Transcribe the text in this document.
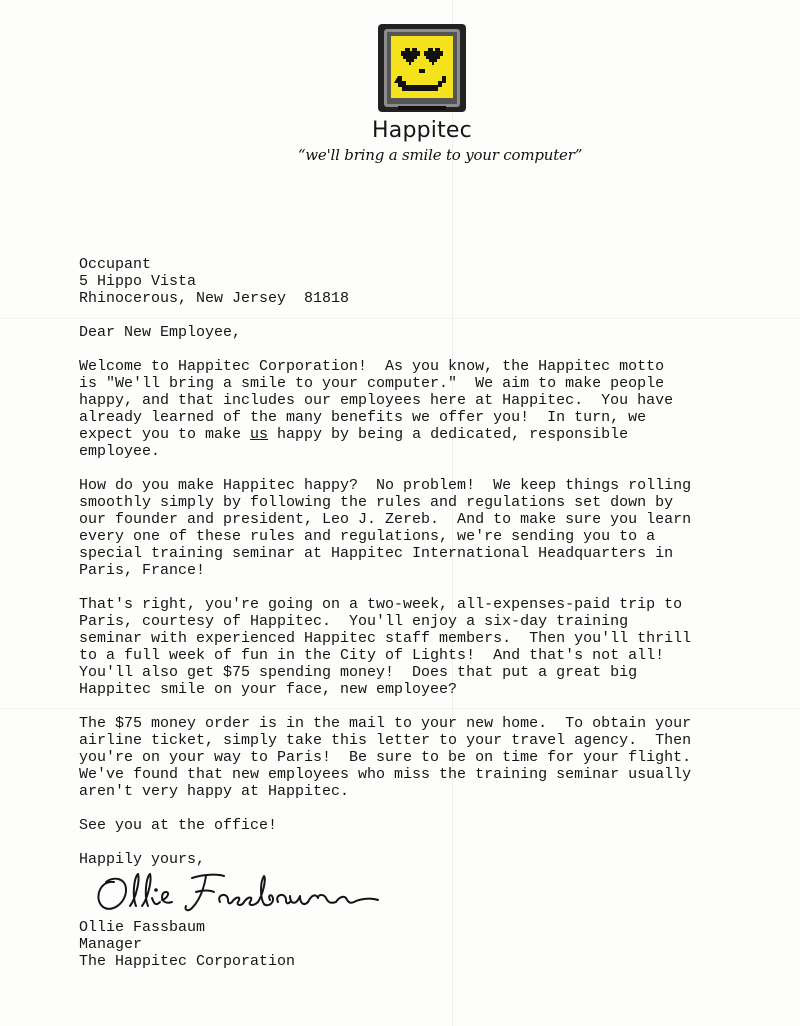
Happitec
“we'll bring a smile to your computer”

Occupant

5 Hippo Vista

Rhinocerous, New Jersey  81818

Dear New Employee,

Welcome to Happitec Corporation!  As you know, the Happitec motto

is "We'll bring a smile to your computer."  We aim to make people

happy, and that includes our employees here at Happitec.  You have

already learned of the many benefits we offer you!  In turn, we

expect you to make us happy by being a dedicated, responsible

employee.

How do you make Happitec happy?  No problem!  We keep things rolling

smoothly simply by following the rules and regulations set down by

our founder and president, Leo J. Zereb.  And to make sure you learn

every one of these rules and regulations, we're sending you to a

special training seminar at Happitec International Headquarters in

Paris, France!

That's right, you're going on a two-week, all-expenses-paid trip to

Paris, courtesy of Happitec.  You'll enjoy a six-day training

seminar with experienced Happitec staff members.  Then you'll thrill

to a full week of fun in the City of Lights!  And that's not all!

You'll also get $75 spending money!  Does that put a great big

Happitec smile on your face, new employee?

The $75 money order is in the mail to your new home.  To obtain your

airline ticket, simply take this letter to your travel agency.  Then

you're on your way to Paris!  Be sure to be on time for your flight.

We've found that new employees who miss the training seminar usually

aren't very happy at Happitec.

See you at the office!

Happily yours,

Ollie Fassbaum

Manager

The Happitec Corporation
